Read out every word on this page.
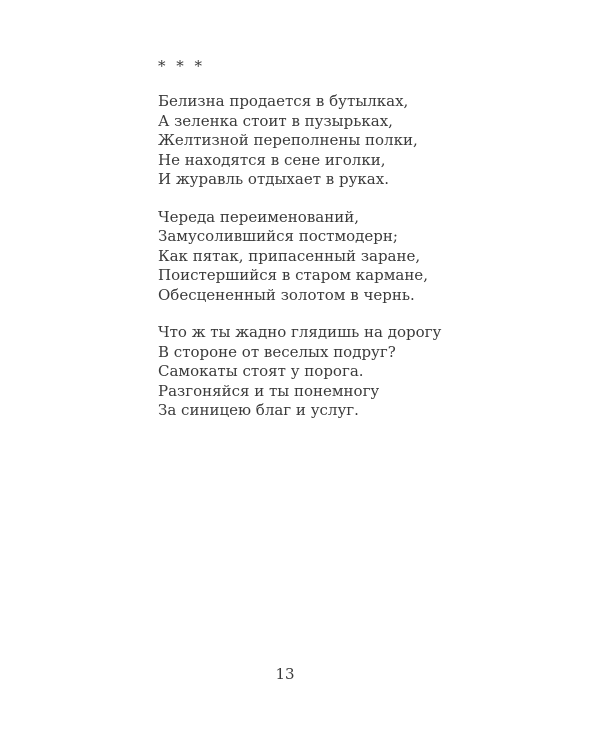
* * *
Белизна продается в бутылках,
А зеленка стоит в пузырьках,
Желтизной переполнены полки,
Не находятся в сене иголки,
И журавль отдыхает в руках.
Череда переименований,
Замусолившийся постмодерн;
Как пятак, припасенный заране,
Поистершийся в старом кармане,
Обесцененный золотом в чернь.
Что ж ты жадно глядишь на дорогу
В стороне от веселых подруг?
Самокаты стоят у порога.
Разгоняйся и ты понемногу
За синицею благ и услуг.
13
